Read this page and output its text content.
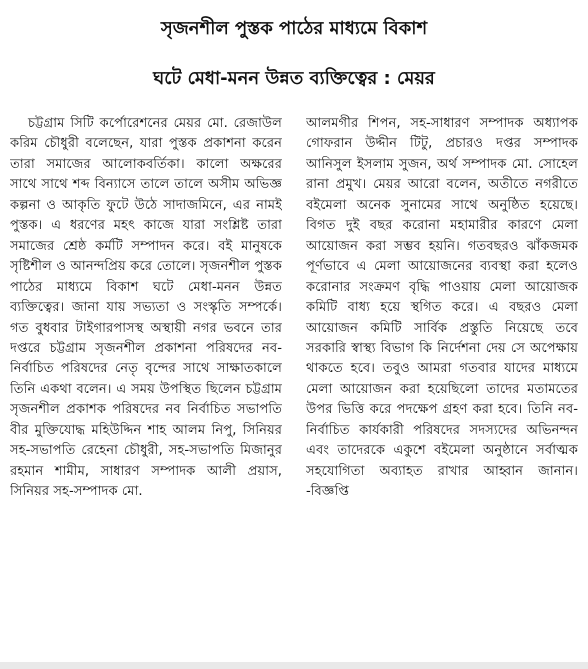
সৃজনশীল পুস্তক পাঠের মাধ্যমে বিকাশ
ঘটে মেধা-মনন উন্নত ব্যক্তিত্বের : মেয়র
চট্টগ্রাম সিটি কর্পোরেশনের মেয়র মো. রেজাউল করিম চৌধুরী বলেছেন, যারা পুস্তক প্রকাশনা করেন তারা সমাজের আলোকবর্তিকা। কালো অক্ষরের সাথে সাথে শব্দ বিন্যাসে তালে তালে অসীম অভিজ্ঞ কল্পনা ও আকৃতি ফুটে উঠে সাদাজমিনে, এর নামই পুস্তক। এ ধরণের মহৎ কাজে যারা সংশ্লিষ্ট তারা সমাজের শ্রেষ্ঠ কর্মটি সম্পাদন করে। বই মানুষকে সৃষ্টিশীল ও আনন্দপ্রিয় করে তোলে। সৃজনশীল পুস্তক পাঠের মাধ্যমে বিকাশ ঘটে মেধা-মনন উন্নত ব্যক্তিত্বের। জানা যায় সভ্যতা ও সংস্কৃতি সম্পর্কে। গত বুধবার টাইগারপাসস্থ অস্থায়ী নগর ভবনে তার দপ্তরে চট্টগ্রাম সৃজনশীল প্রকাশনা পরিষদের নব-নির্বাচিত পরিষদের নেতৃ বৃন্দের সাথে সাক্ষাতকালে তিনি একথা বলেন। এ সময় উপস্থিত ছিলেন চট্টগ্রাম সৃজনশীল প্রকাশক পরিষদের নব নির্বাচিত সভাপতি বীর মুক্তিযোদ্ধ মহিউদ্দিন শাহ আলম নিপু, সিনিয়র সহ-সভাপতি রেহেনা চৌধুরী, সহ-সভাপতি মিজানুর রহমান শামীম, সাধারণ সম্পাদক আলী প্রয়াস, সিনিয়র সহ-সম্পাদক মো.
আলমগীর শিপন, সহ-সাধারণ সম্পাদক অধ্যাপক গোফরান উদ্দীন টিটু, প্রচারও দপ্তর সম্পাদক আনিসুল ইসলাম সুজন, অর্থ সম্পাদক মো. সোহেল রানা প্রমুখ। মেয়র আরো বলেন, অতীতে নগরীতে বইমেলা অনেক সুনামের সাথে অনুষ্ঠিত হয়েছে। বিগত দুই বছর করোনা মহামারীর কারণে মেলা আয়োজন করা সম্ভব হয়নি। গতবছরও ঝাঁকজমক পূর্ণভাবে এ মেলা আয়োজনের ব্যবস্থা করা হলেও করোনার সংক্রমণ বৃদ্ধি পাওয়ায় মেলা আয়োজক কমিটি বাধ্য হয়ে স্থগিত করে। এ বছরও মেলা আয়োজন কমিটি সার্বিক প্রস্তুতি নিয়েছে তবে সরকারি স্বাস্থ্য বিভাগ কি নির্দেশনা দেয় সে অপেক্ষায় থাকতে হবে। তবুও আমরা গতবার যাদের মাধ্যমে মেলা আয়োজন করা হয়েছিলো তাদের মতামতের উপর ভিত্তি করে পদক্ষেপ গ্রহণ করা হবে। তিনি নব-নির্বাচিত কার্যকারী পরিষদের সদস্যদের অভিনন্দন এবং তাদেরকে একুশে বইমেলা অনুষ্ঠানে সর্বাত্মক সহযোগিতা অব্যাহত রাখার আহ্বান জানান। -বিজ্ঞপ্তি
